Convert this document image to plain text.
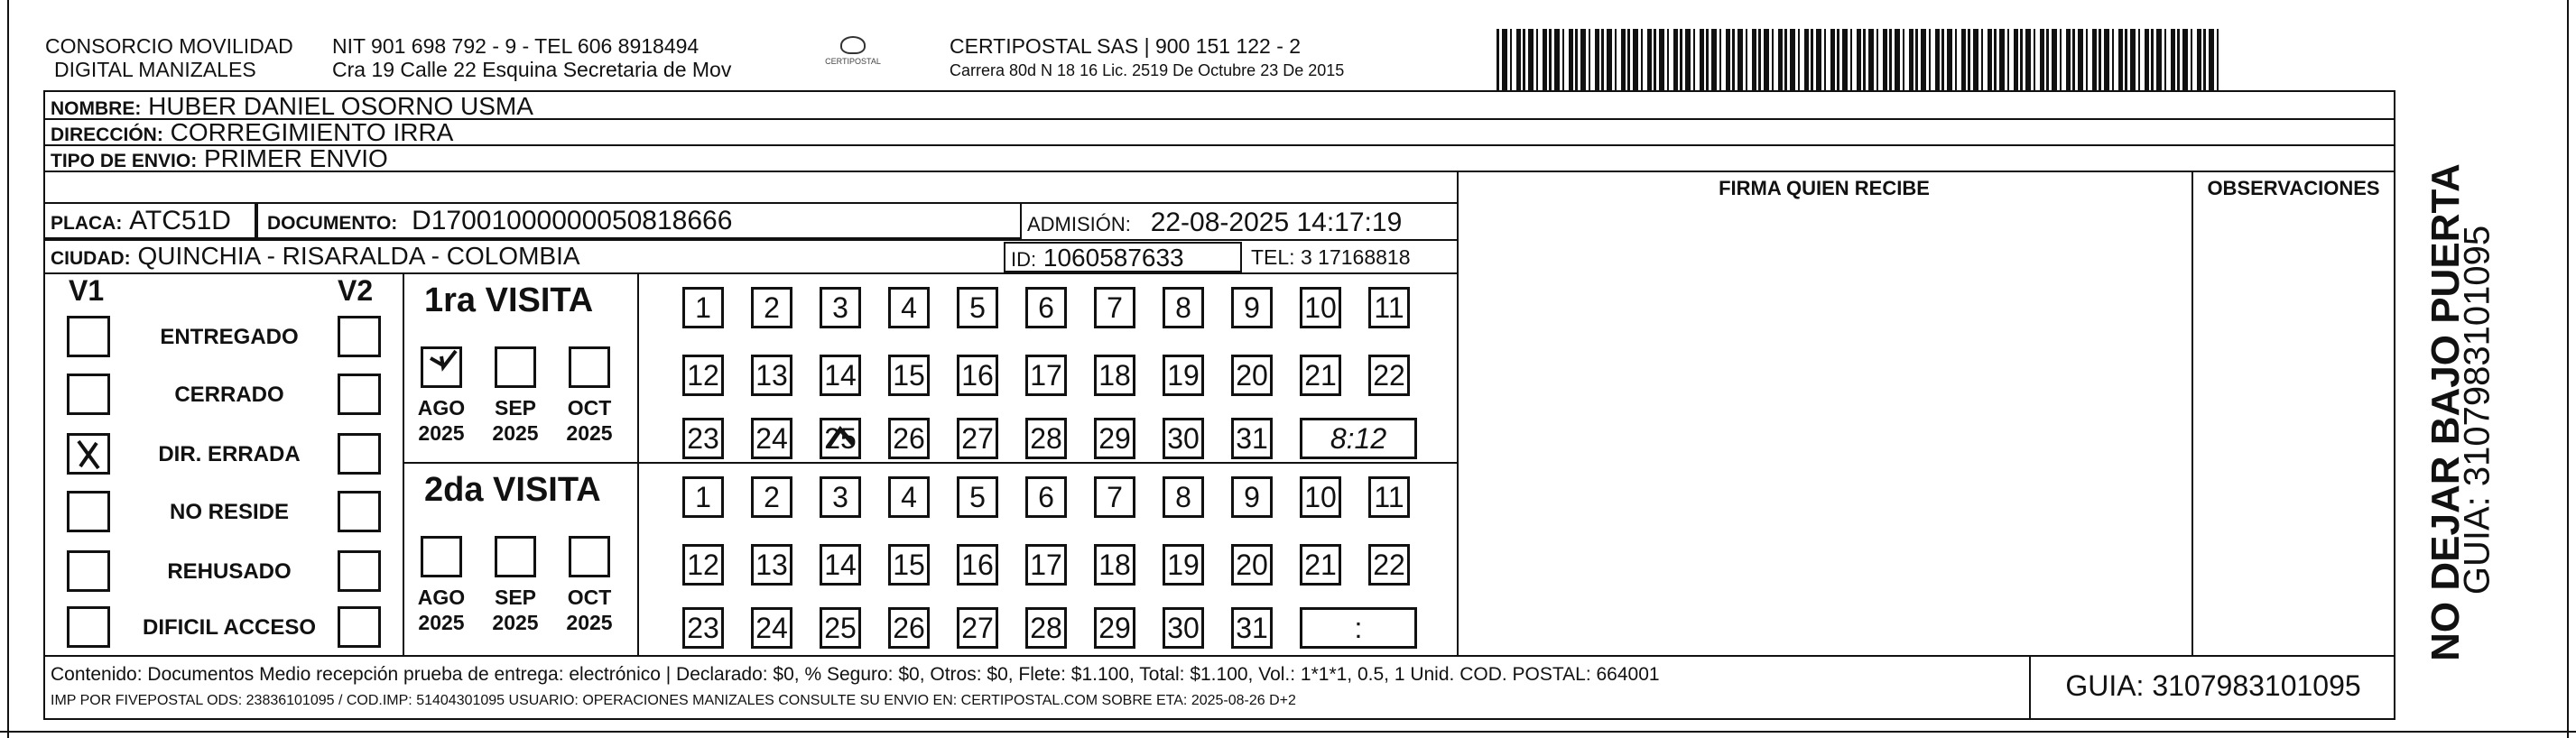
CONSORCIO MOVILIDAD
DIGITAL MANIZALES
NIT 901 698 792 - 9 - TEL 606 8918494
Cra 19 Calle 22 Esquina Secretaria de Mov	CERTIPOSTAL
CERTIPOSTAL SAS | 900 151 122 - 2
Carrera 80d N 18 16 Lic. 2519 De Octubre 23 De 2015
NOMBRE: HUBER DANIEL OSORNO USMA
DIRECCIÓN: CORREGIMIENTO IRRA
TIPO DE ENVIO: PRIMER ENVIO
FIRMA QUIEN RECIBE	OBSERVACIONES
PLACA: ATC51D DOCUMENTO: D17001000000050818666	ADMISIÓN: 22-08-2025 14:17:19
CIUDAD: QUINCHIA - RISARALDA - COLOMBIA	ID: 1060587633	TEL: 3 17168818
V1	V2
ENTREGADO
CERRADO
DIR. ERRADA
NO RESIDE
REHUSADO
DIFICIL ACCESO
1ra VISITA
2da VISITA
AGO
2025
SEP
2025
OCT
2025
1 2 3 4 5 6 7 8 9 10 11
12 13 14 15 16 17 18 19 20 21 22
23 24 25 26 27 28 29 30 31 8:12
AGO
2025
SEP
2025
OCT
2025
1 2 3 4 5 6 7 8 9 10 11
12 13 14 15 16 17 18 19 20 21 22
23 24 25 26 27 28 29 30 31	:
Contenido: Documentos Medio recepción prueba de entrega: electrónico | Declarado: $0, % Seguro: $0, Otros: $0, Flete: $1.100, Total: $1.100, Vol.: 1*1*1, 0.5, 1 Unid. COD. POSTAL: 664001
IMP POR FIVEPOSTAL ODS: 23836101095 / COD.IMP: 51404301095 USUARIO: OPERACIONES MANIZALES CONSULTE SU ENVIO EN: CERTIPOSTAL.COM SOBRE ETA: 2025-08-26 D+2	GUIA: 3107983101095
NO DEJAR BAJO PUERTA
GUIA: 3107983101095
